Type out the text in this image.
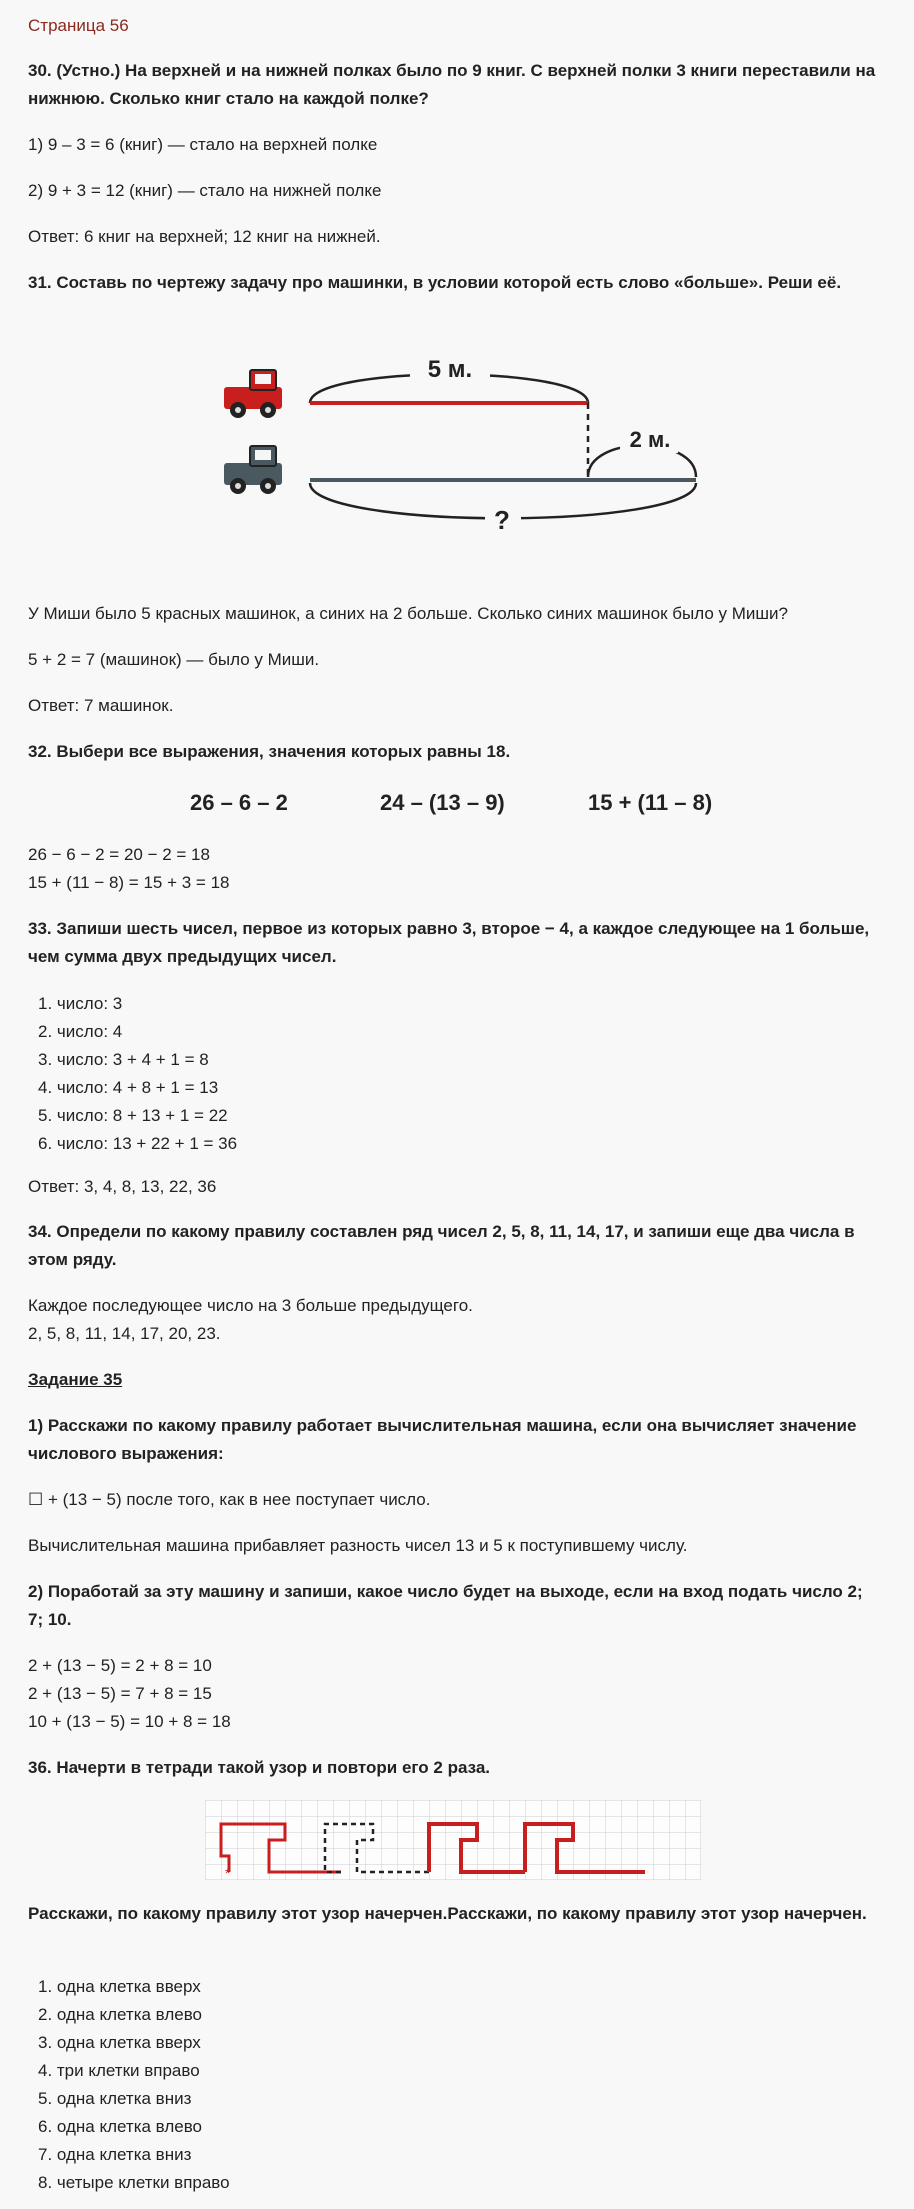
Страница 56

30. (Устно.) На верхней и на нижней полках было по 9 книг. С верхней полки 3 книги переставили на нижнюю. Сколько книг стало на каждой полке?

1) 9 – 3 = 6 (книг) — стало на верхней полке

2) 9 + 3 = 12 (книг) — стало на нижней полке

Ответ: 6 книг на верхней; 12 книг на нижней.

31. Составь по чертежу задачу про машинки, в условии которой есть слово «больше». Реши её.

5 м.
2 м.
?

У Миши было 5 красных машинок, а синих на 2 больше. Сколько синих машинок было у Миши?

5 + 2 = 7 (машинок) — было у Миши.

Ответ: 7 машинок.

32. Выбери все выражения, значения которых равны 18.

26 – 6 – 2	24 – (13 – 9)	15 + (11 – 8)

26 − 6 − 2 = 20 − 2 = 18

15 + (11 − 8) = 15 + 3 = 18

33. Запиши шесть чисел, первое из которых равно 3, второе − 4, а каждое следующее на 1 больше, чем сумма двух предыдущих чисел.

1. число: 3
2. число: 4
3. число: 3 + 4 + 1 = 8
4. число: 4 + 8 + 1 = 13
5. число: 8 + 13 + 1 = 22
6. число: 13 + 22 + 1 = 36

Ответ: 3, 4, 8, 13, 22, 36

34. Определи по какому правилу составлен ряд чисел 2, 5, 8, 11, 14, 17, и запиши еще два числа в этом ряду.

Каждое последующее число на 3 больше предыдущего.

2, 5, 8, 11, 14, 17, 20, 23.

Задание 35

1) Расскажи по какому правилу работает вычислительная машина, если она вычисляет значение числового выражения:

☐ + (13 − 5) после того, как в нее поступает число.

Вычислительная машина прибавляет разность чисел 13 и 5 к поступившему числу.

2) Поработай за эту машину и запиши, какое число будет на выходе, если на вход подать число 2; 7; 10.

2 + (13 − 5) = 2 + 8 = 10

2 + (13 − 5) = 7 + 8 = 15

10 + (13 − 5) = 10 + 8 = 18

36. Начерти в тетради такой узор и повтори его 2 раза.

*

Расскажи, по какому правилу этот узор начерчен.Расскажи, по какому правилу этот узор начерчен.

1. одна клетка вверх
2. одна клетка влево
3. одна клетка вверх
4. три клетки вправо
5. одна клетка вниз
6. одна клетка влево
7. одна клетка вниз
8. четыре клетки вправо
